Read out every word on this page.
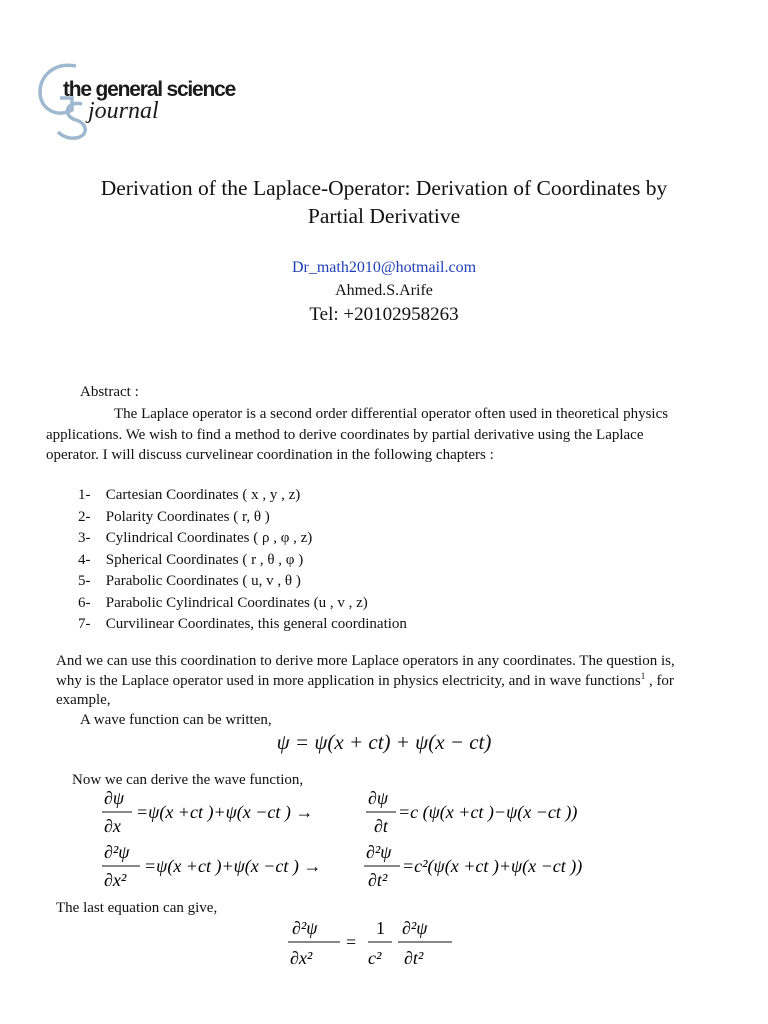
the general science
journal
Derivation of the Laplace-Operator: Derivation of Coordinates by Partial Derivative
Dr_math2010@hotmail.com
Ahmed.S.Arife
Tel: +20102958263
Abstract :
The Laplace operator is a second order differential operator often used in theoretical physics applications. We wish to find a method to derive coordinates by partial derivative using the Laplace operator. I will discuss curvelinear coordination in the following chapters :
1- Cartesian Coordinates ( x , y , z)
2- Polarity Coordinates ( r, θ )
3- Cylindrical Coordinates ( ρ , φ , z)
4- Spherical Coordinates ( r , θ , φ )
5- Parabolic Coordinates ( u, v , θ )
6- Parabolic Cylindrical Coordinates (u , v , z)
7- Curvilinear Coordinates, this general coordination
And we can use this coordination to derive more Laplace operators in any coordinates. The question is, why is the Laplace operator used in more application in physics electricity, and in wave functions$^1$ , for example,
A wave function can be written,
ψ = ψ(x + ct) + ψ(x − ct)
Now we can derive the wave function,
∂ψ
∂x
=ψ(x +ct )+ψ(x −ct ) →
∂ψ
∂t
=c (ψ(x +ct )−ψ(x −ct ))
∂²ψ
∂x²
=ψ(x +ct )+ψ(x −ct ) →
∂²ψ
∂t²
=c²(ψ(x +ct )+ψ(x −ct ))
The last equation can give,
∂²ψ
∂x²
=
1
c²
∂²ψ
∂t²
